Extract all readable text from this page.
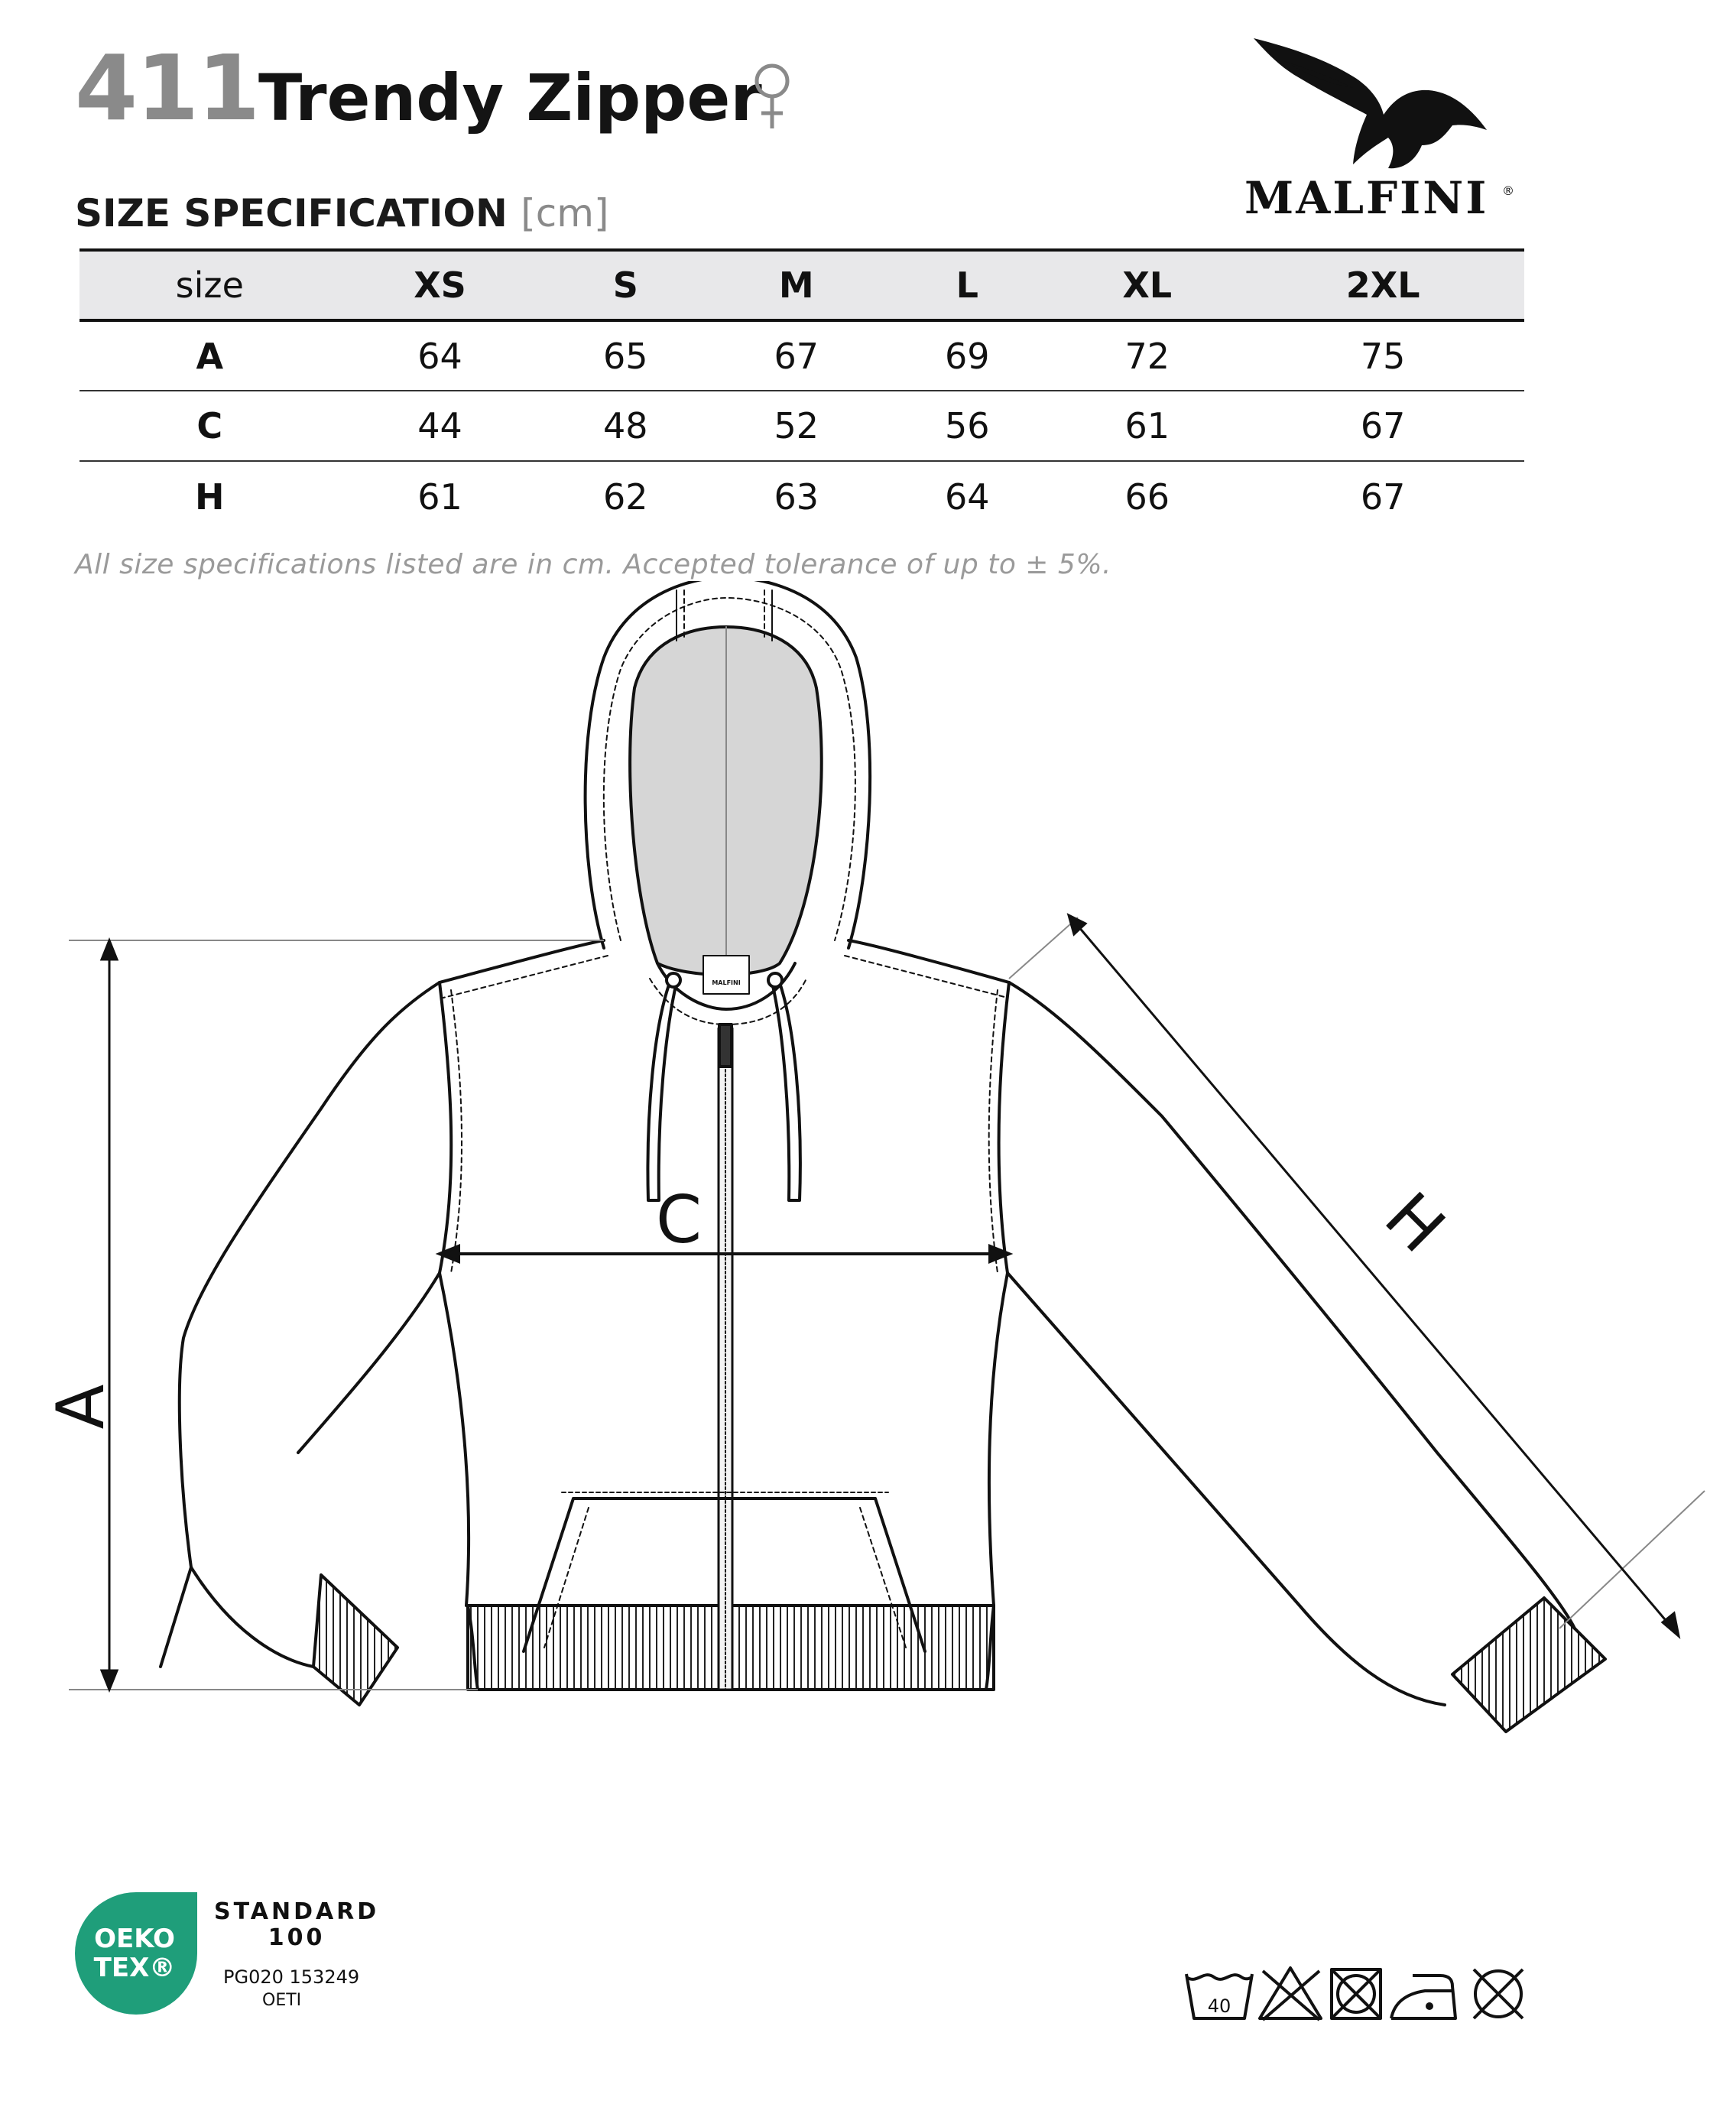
411 Trendy Zipper
MALFINI ®
SIZE SPECIFICATION [cm]
size	XS	S	M	L	XL	2XL
A	64	65	67	69	72	75
C	44	48	52	56	61	67
H	61	62	63	64	66	67
All size specifications listed are in cm. Accepted tolerance of up to ± 5%.
A
C	H
MALFINI
OEKO
TEX®
STANDARD
100
PG020 153249
OETI	40
